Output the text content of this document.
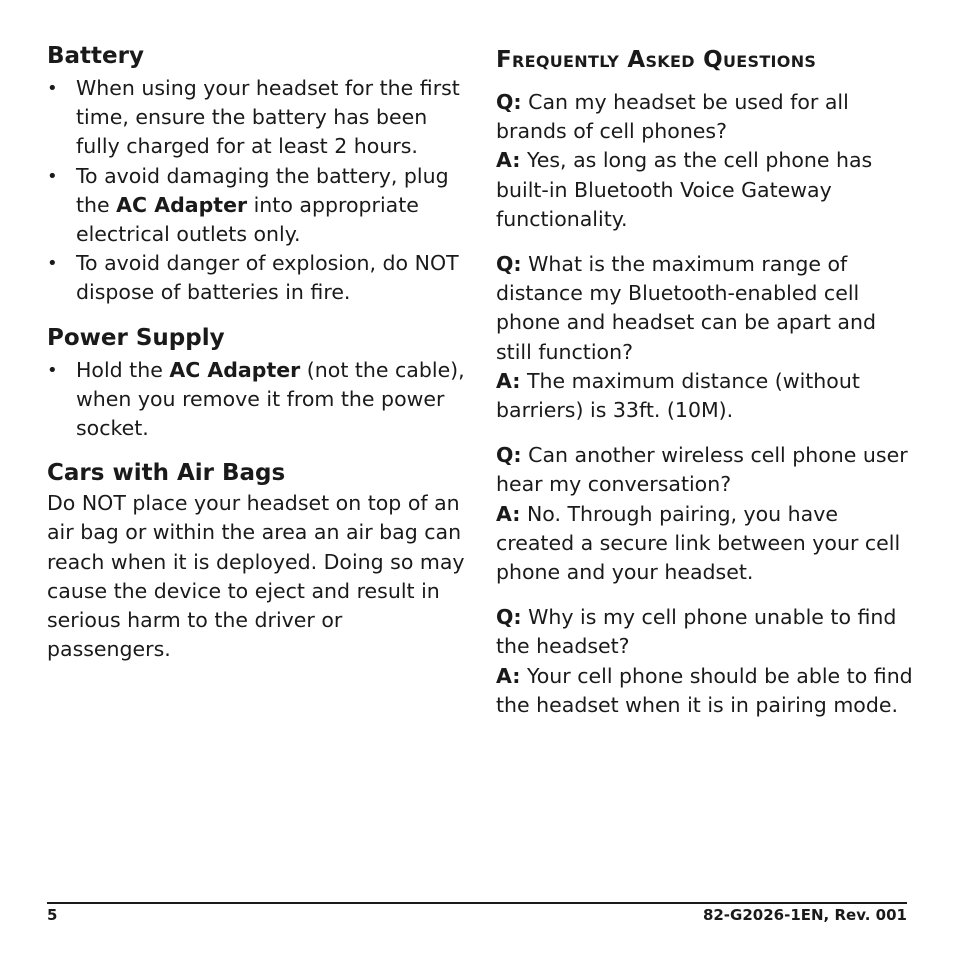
Battery
• When using your headset for the first time, ensure the battery has been fully charged for at least 2 hours.
• To avoid damaging the battery, plug the AC Adapter into appropriate electrical outlets only.
• To avoid danger of explosion, do NOT dispose of batteries in fire.
Power Supply
• Hold the AC Adapter (not the cable), when you remove it from the power socket.
Cars with Air Bags

Do NOT place your headset on top of an air bag or within the area an air bag can reach when it is deployed. Doing so may cause the device to eject and result in serious harm to the driver or passengers.

Frequently Asked Questions
Q: Can my headset be used for all brands of cell phones?
A: Yes, as long as the cell phone has built-in Bluetooth Voice Gateway functionality.
Q: What is the maximum range of distance my Bluetooth-enabled cell phone and headset can be apart and still function?
A: The maximum distance (without barriers) is 33ft. (10M).
Q: Can another wireless cell phone user hear my conversation?
A: No. Through pairing, you have created a secure link between your cell phone and your headset.
Q: Why is my cell phone unable to find the headset?
A: Your cell phone should be able to find the headset when it is in pairing mode.
5	82-G2026-1EN, Rev. 001
